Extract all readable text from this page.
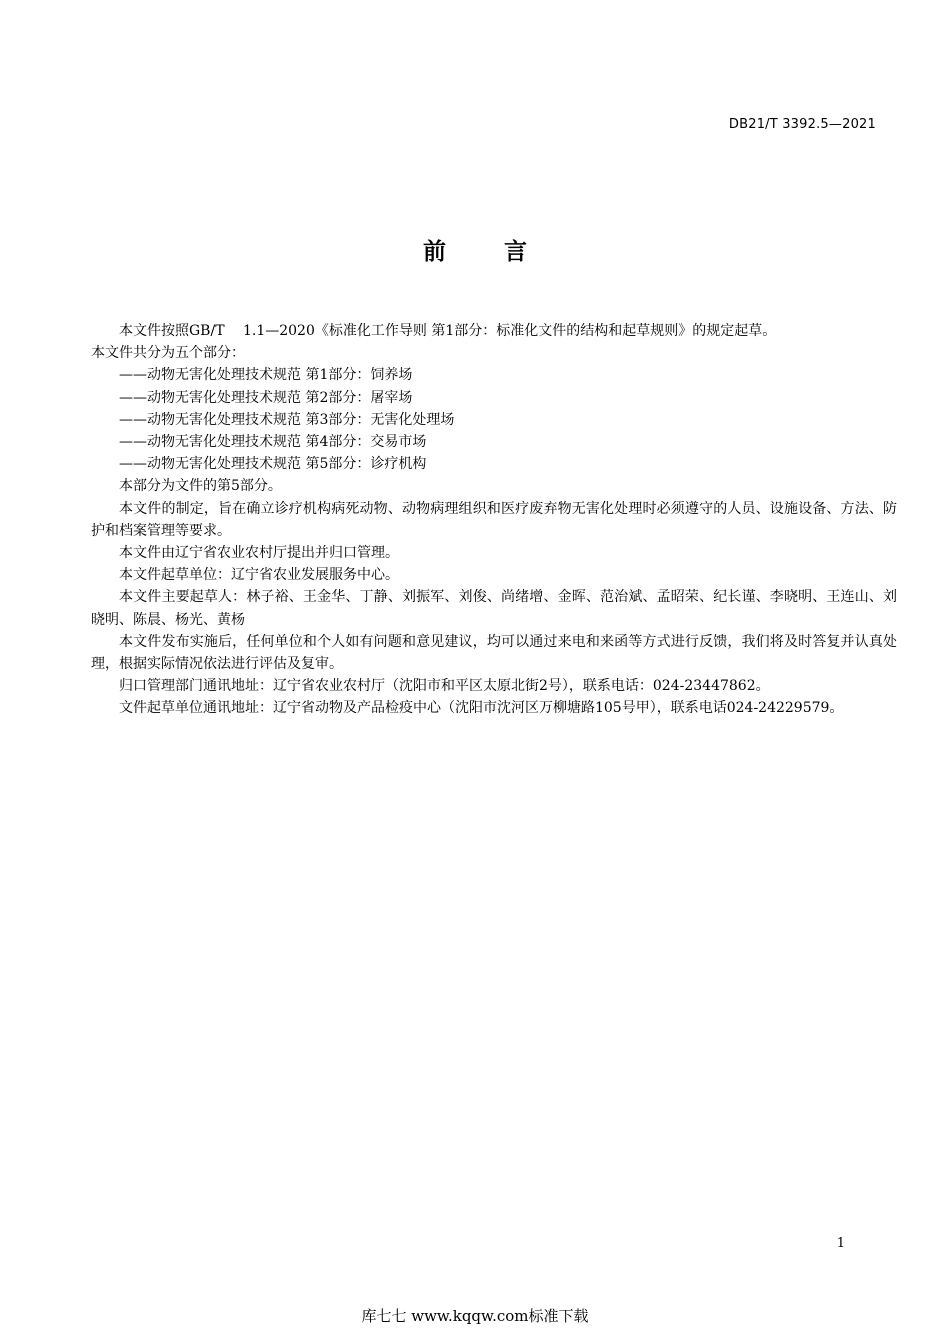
DB21/T 3392.5—2021
前言

本文件按照GB/T　 1.1—2020《标准化工作导则 第1部分：标准化文件的结构和起草规则》的规定起草。

本文件共分为五个部分：

——动物无害化处理技术规范 第1部分：饲养场

——动物无害化处理技术规范 第2部分：屠宰场

——动物无害化处理技术规范 第3部分：无害化处理场

——动物无害化处理技术规范 第4部分：交易市场

——动物无害化处理技术规范 第5部分：诊疗机构

本部分为文件的第5部分。

本文件的制定，旨在确立诊疗机构病死动物、动物病理组织和医疗废弃物无害化处理时必须遵守的人员、设施设备、方法、防护和档案管理等要求。

本文件由辽宁省农业农村厅提出并归口管理。

本文件起草单位：辽宁省农业发展服务中心。

本文件主要起草人：林子裕、王金华、丁静、刘振军、刘俊、尚绪增、金晖、范治斌、孟昭荣、纪长谨、李晓明、王连山、刘晓明、陈晨、杨光、黄杨

本文件发布实施后，任何单位和个人如有问题和意见建议，均可以通过来电和来函等方式进行反馈，我们将及时答复并认真处理，根据实际情况依法进行评估及复审。

归口管理部门通讯地址：辽宁省农业农村厅（沈阳市和平区太原北街2号），联系电话：024-23447862。

文件起草单位通讯地址：辽宁省动物及产品检疫中心（沈阳市沈河区万柳塘路105号甲），联系电话024-24229579。

1
库七七 www.kqqw.com标准下载
